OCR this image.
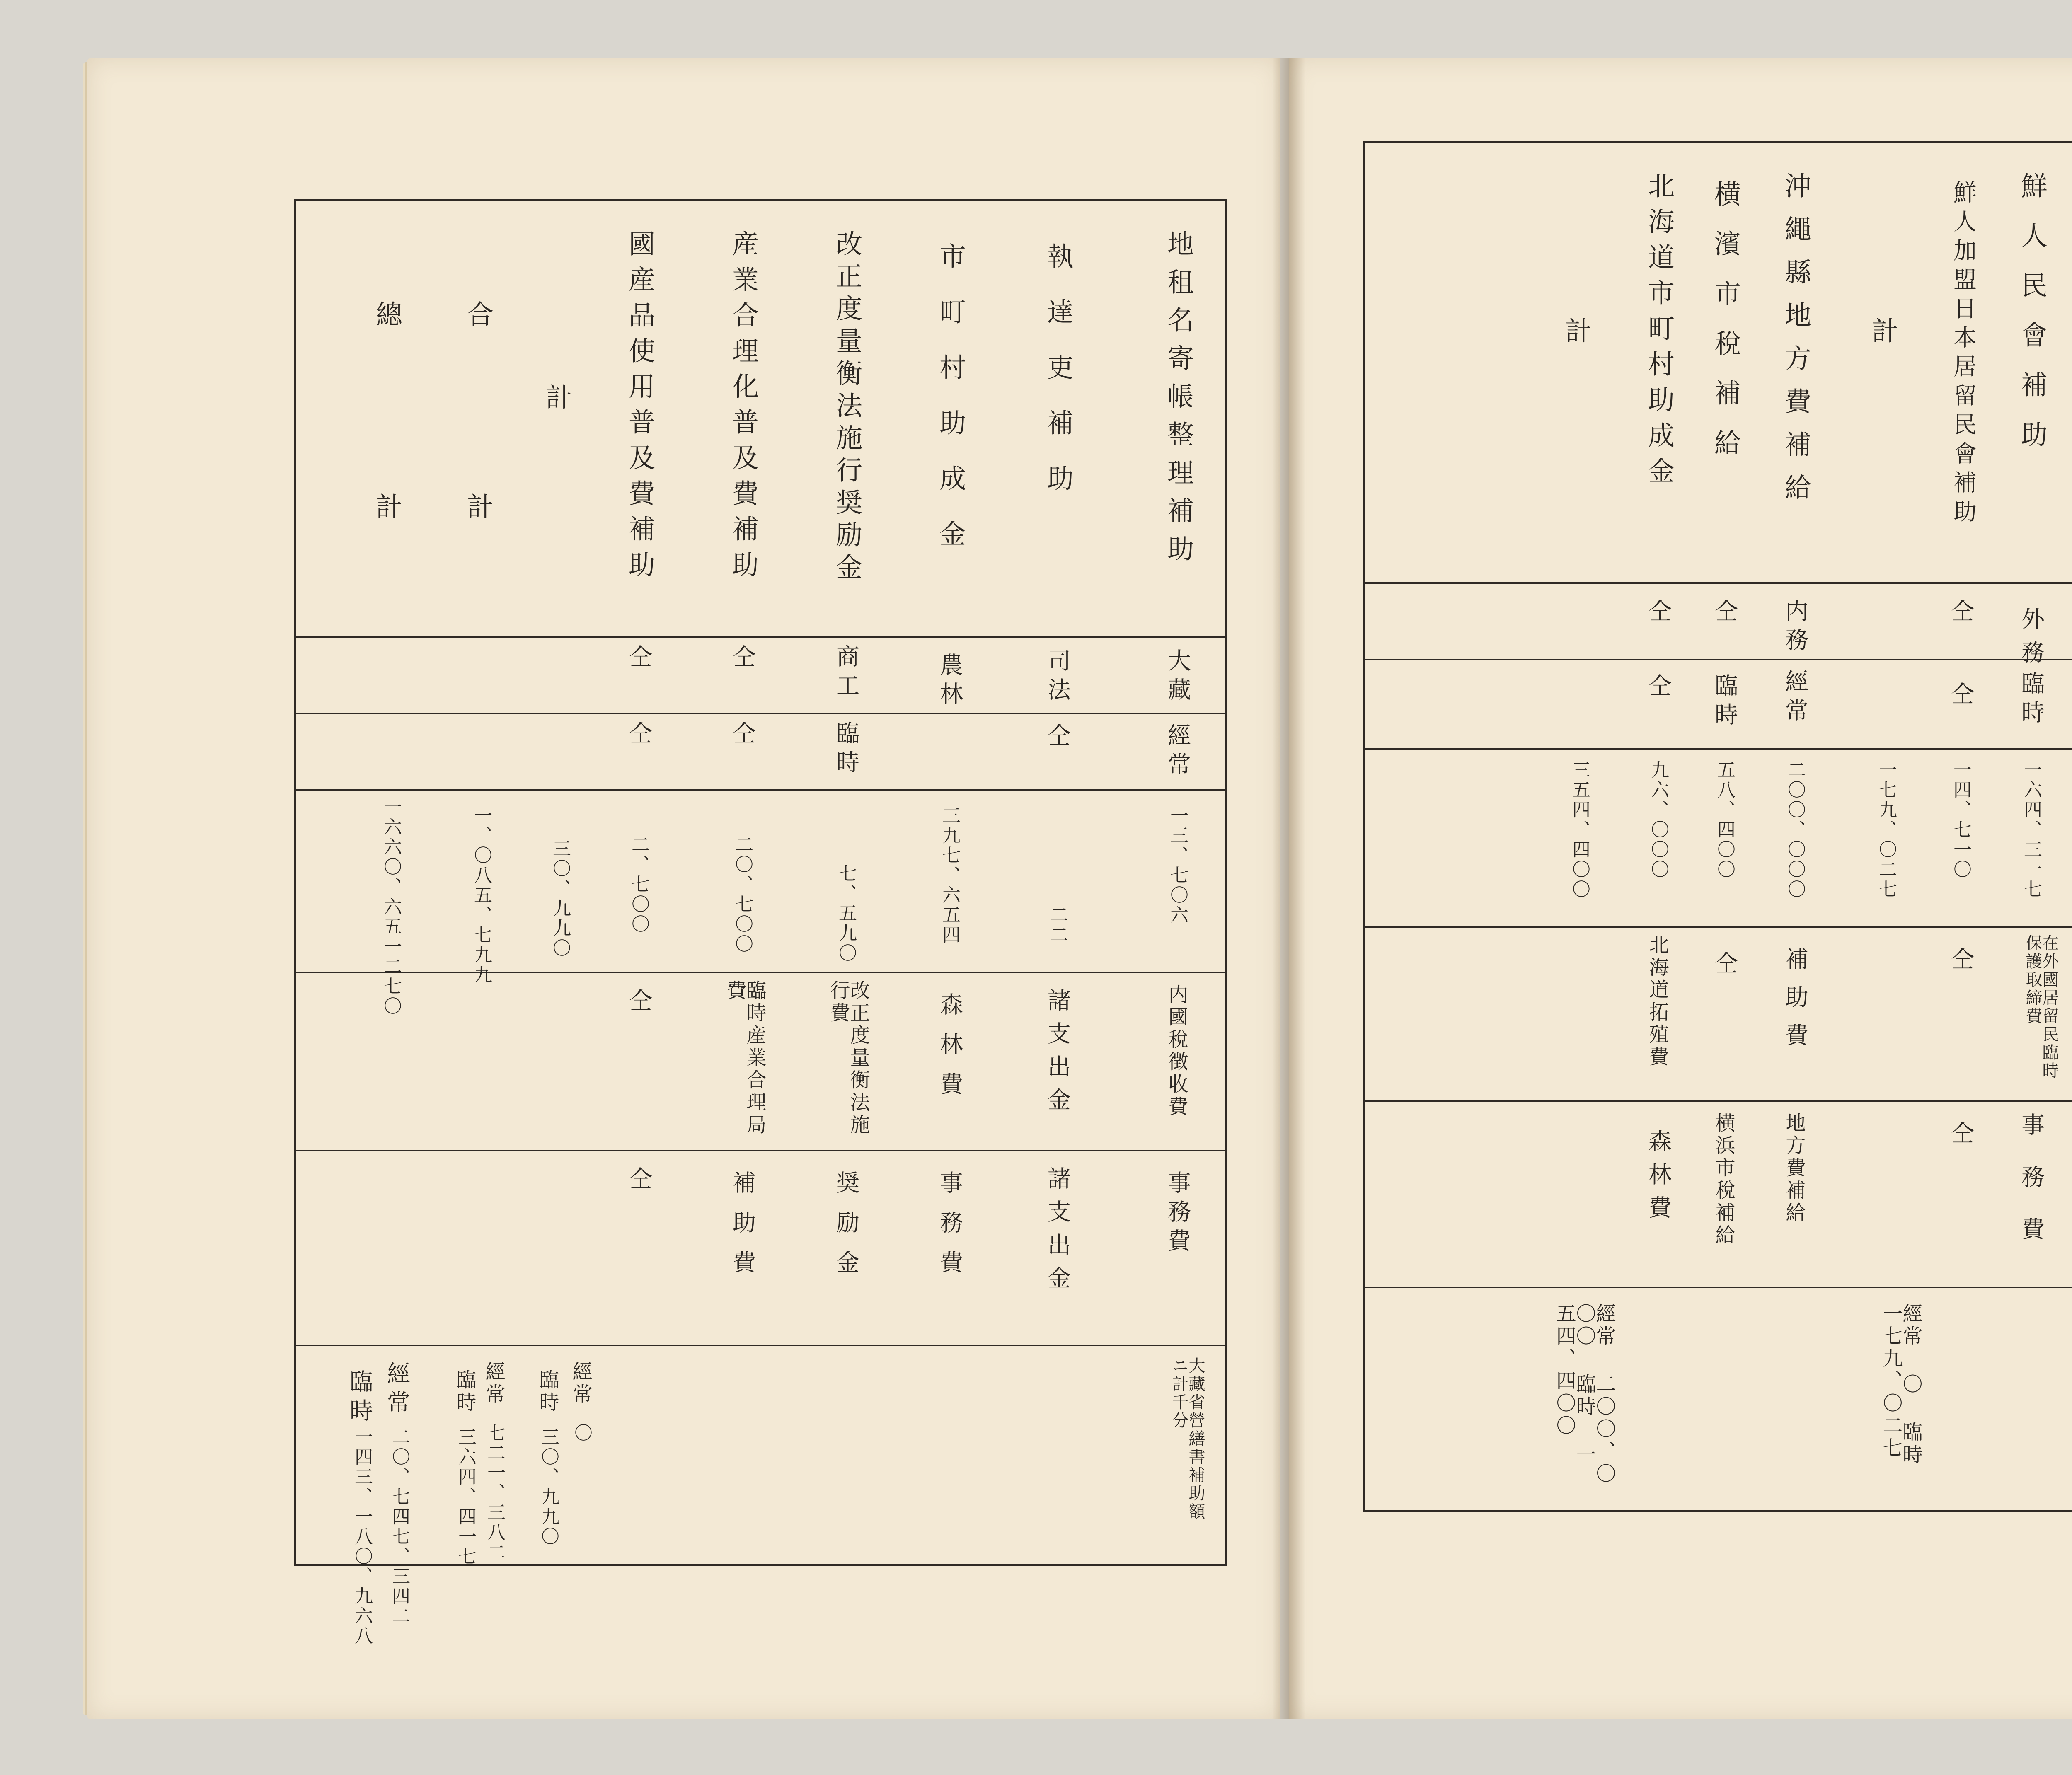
地租名寄帳整理補助
大藏
經常
一三、七〇六
内國稅徴收費
事務費
大藏省營繕書補助額ニ計千分
執達吏補助
司法
仝
二二
諸支出金
諸支出金
市町村助成金
農林
三九七、六五四
森林費
事務費
改正度量衡法施行奨励金
商工
臨時
七、五九〇
改正度量衡法施行費
奨励金
産業合理化普及費補助
仝
仝
二〇、七〇〇
臨時産業合理局費
補助費
國産品使用普及費補助
仝
仝
二、七〇〇
仝
仝
計
三〇、九九〇
經常
〇
臨時
三〇、九九〇
合計
一、〇八五、七九九
經常
七二一、三八二
臨時
三六四、四一七
總計
一六六〇、六五一二七〇
經常
二〇、七四七、三四二
臨時
一四三、一八〇、九六八
鮮人民會補助
外務
臨時
一六四、三一七
在外國居留民臨時保護取締費
事務費
鮮人加盟日本居留民會補助
仝
仝
一四、七一〇
仝
仝
計
一七九、〇二七
經常 〇 臨時 一七九、〇二七
沖繩縣地方費補給
内務
經常
二〇〇、〇〇〇
補助費
地方費補給
横濱市稅補給
仝
臨時
五八、四〇〇
仝
横浜市稅補給
北海道市町村助成金
仝
仝
九六、〇〇〇
北海道拓殖費
森林費
計
三五四、四〇〇
經常 二〇〇、〇〇〇 臨時 一五四、四〇〇
